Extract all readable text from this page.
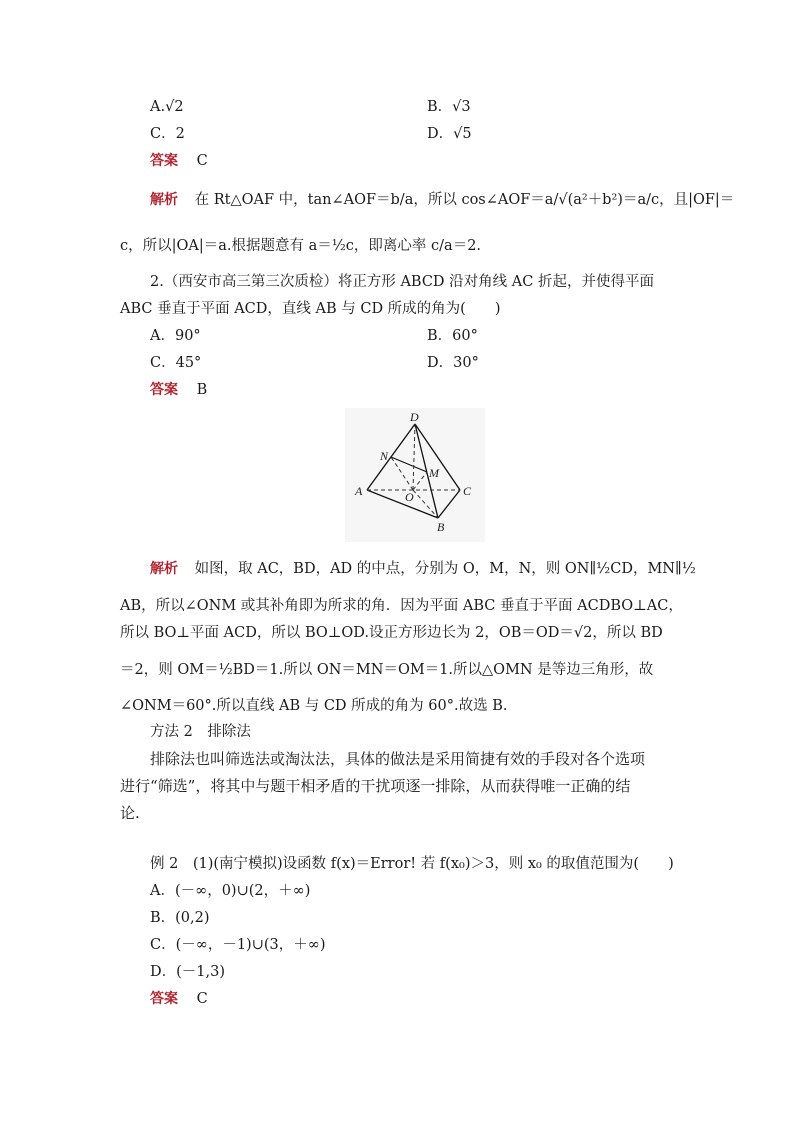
A.√2	B．√3
C．2	D．√5
答案 C
解析 在 Rt△OAF 中，tan∠AOF＝b/a，所以 cos∠AOF＝a/√(a²＋b²)＝a/c，且|OF|＝
c，所以|OA|＝a.根据题意有 a＝½c，即离心率 c/a＝2.
2.（西安市高三第三次质检）将正方形 ABCD 沿对角线 AC 折起，并使得平面
ABC 垂直于平面 ACD，直线 AB 与 CD 所成的角为(　　)
A．90°	B．60°
C．45°	D．30°
答案 B
D
N
M
A	O	C
B
解析 如图，取 AC，BD，AD 的中点，分别为 O，M，N，则 ON∥½CD，MN∥½
AB，所以∠ONM 或其补角即为所求的角．因为平面 ABC 垂直于平面 ACDBO⊥AC，
所以 BO⊥平面 ACD，所以 BO⊥OD.设正方形边长为 2，OB＝OD＝√2，所以 BD
＝2，则 OM＝½BD＝1.所以 ON＝MN＝OM＝1.所以△OMN 是等边三角形，故
∠ONM＝60°.所以直线 AB 与 CD 所成的角为 60°.故选 B.
方法 2　排除法
排除法也叫筛选法或淘汰法，具体的做法是采用简捷有效的手段对各个选项
进行“筛选”，将其中与题干相矛盾的干扰项逐一排除，从而获得唯一正确的结
论.
例 2　(1)(南宁模拟)设函数 f(x)＝Error! 若 f(x₀)＞3，则 x₀ 的取值范围为(　　)
A．(－∞，0)∪(2，＋∞)
B．(0,2)
C．(－∞，－1)∪(3，＋∞)
D．(－1,3)
答案 C
